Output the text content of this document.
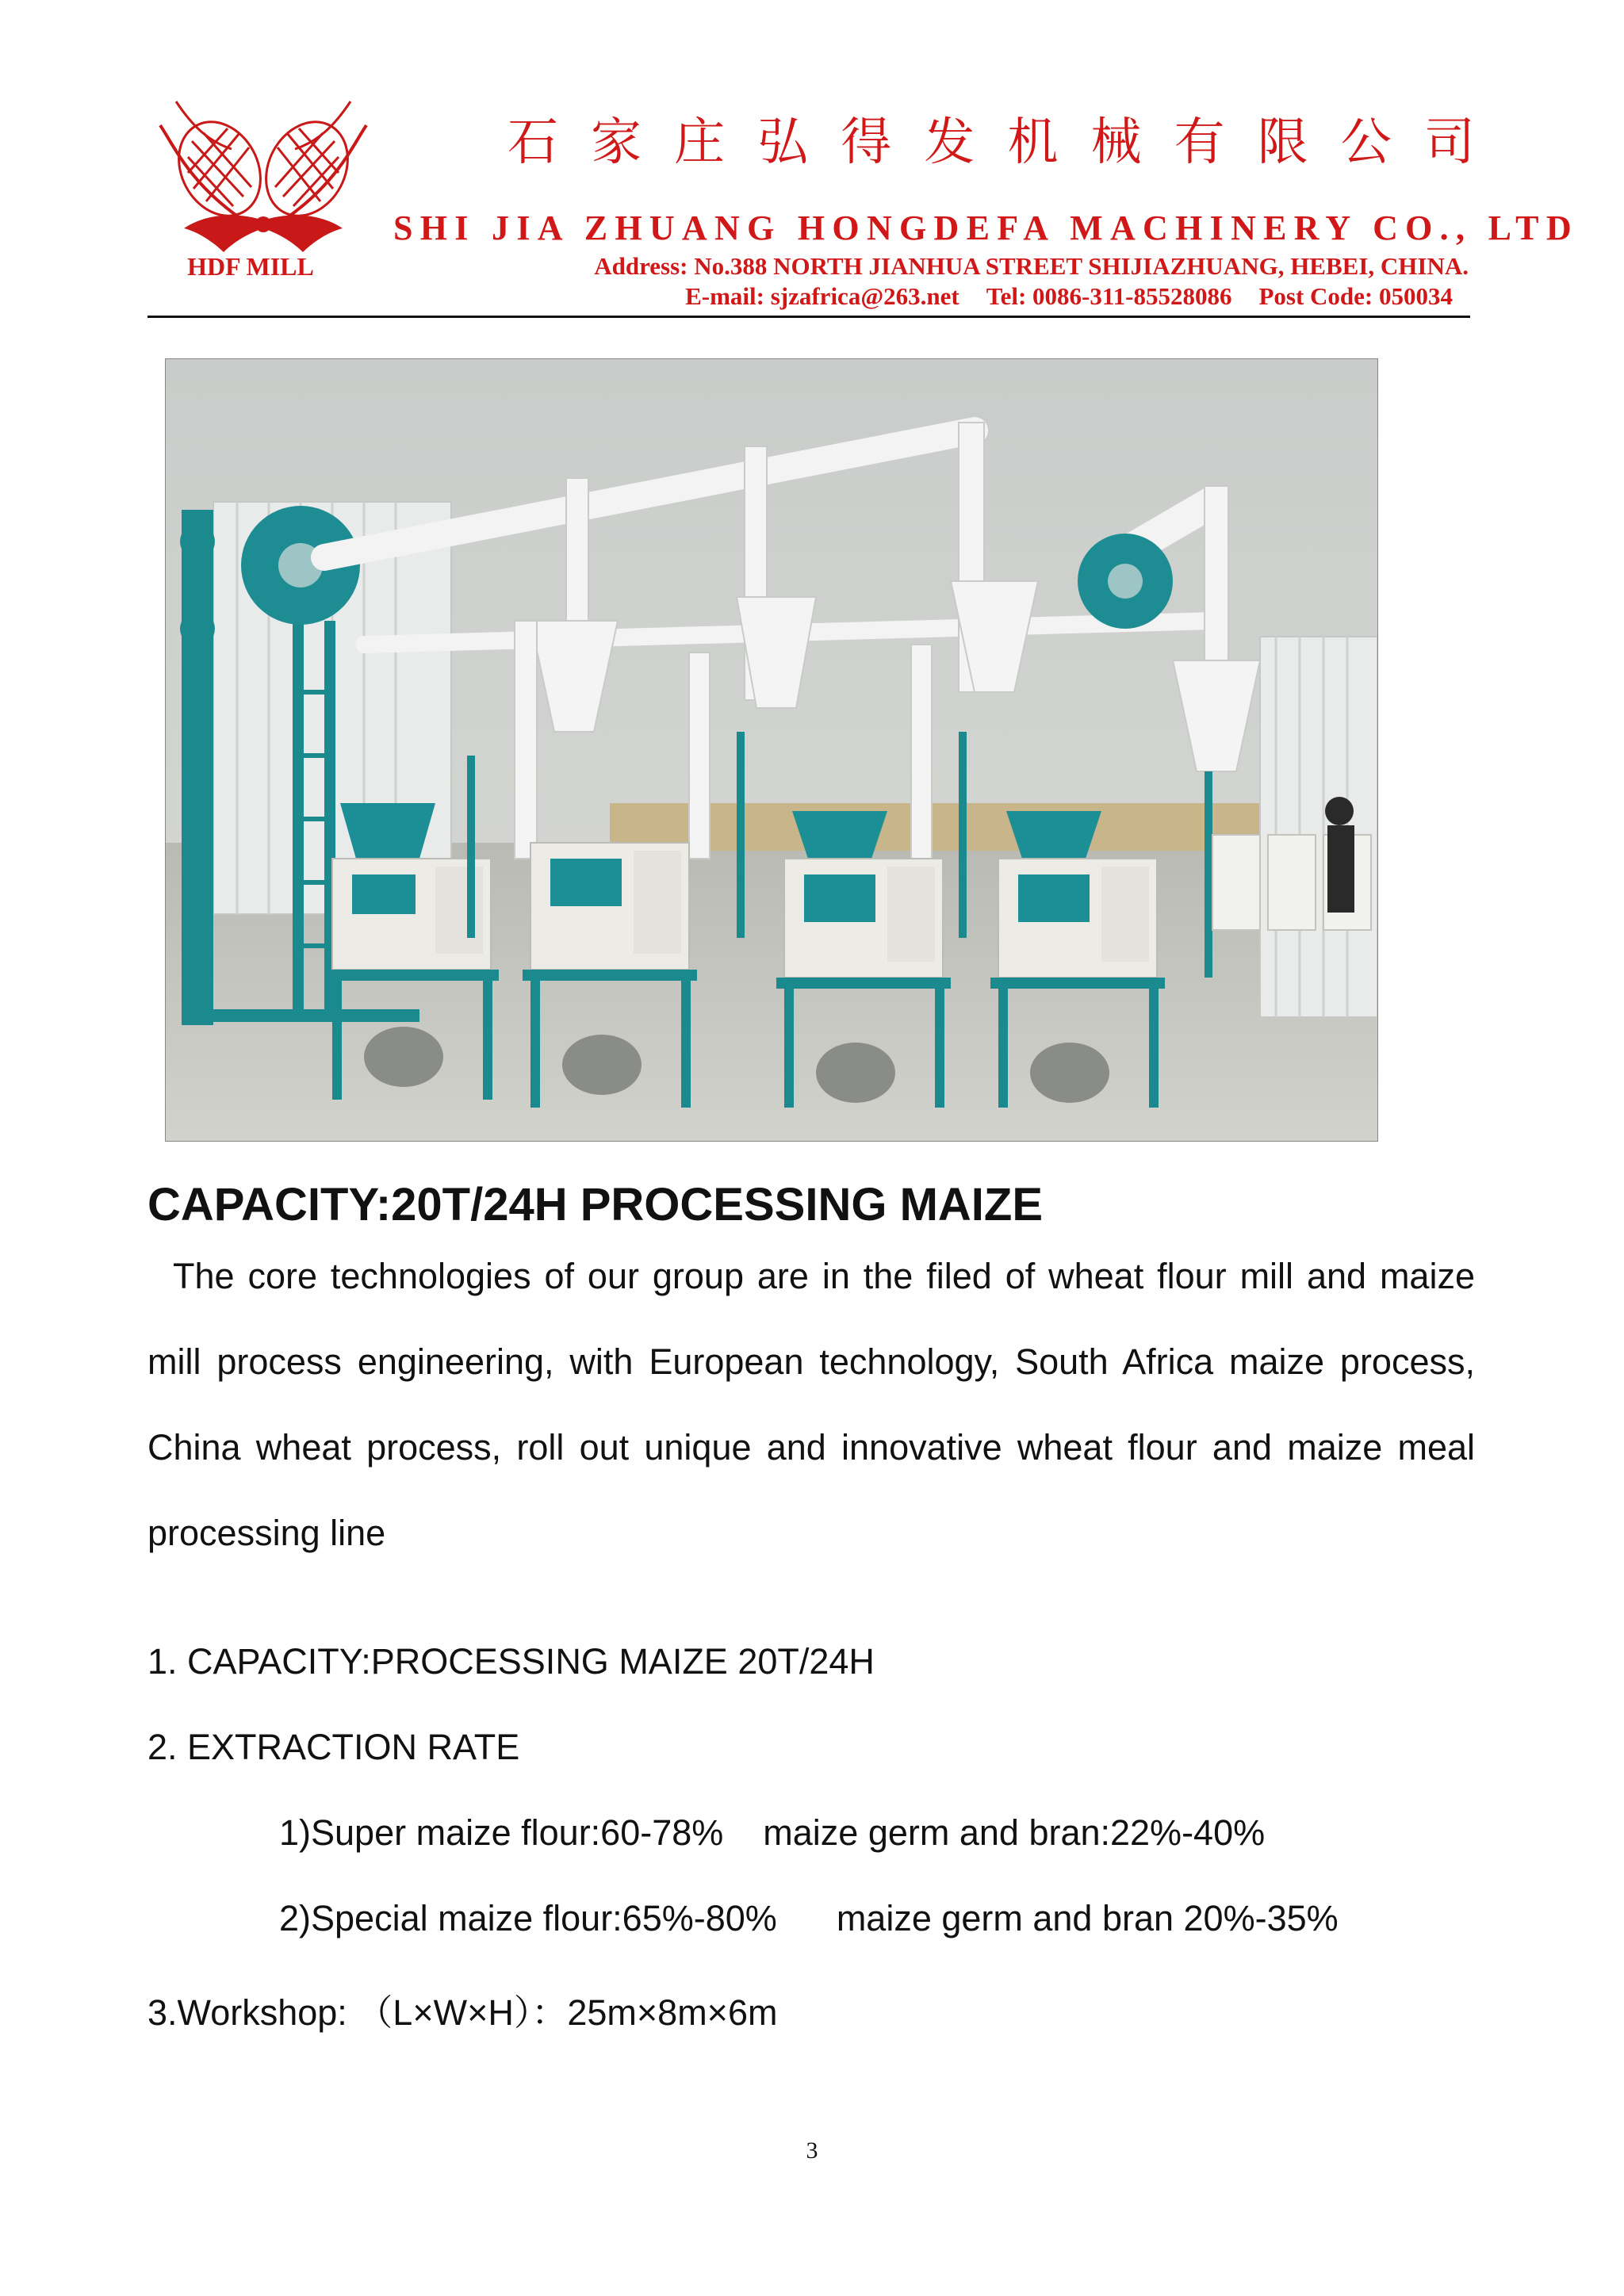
HDF MILL
石 家 庄 弘 得 发 机 械 有 限 公 司
SHI JIA ZHUANG HONGDEFA MACHINERY CO., LTD
Address: No.388 NORTH JIANHUA STREET SHIJIAZHUANG, HEBEI, CHINA.
E-mail: sjzafrica@263.net Tel: 0086-311-85528086 Post Code: 050034
CAPACITY:20T/24H PROCESSING MAIZE

The core technologies of our group are in the filed of wheat flour mill and maize mill process engineering, with European technology, South Africa maize process, China wheat process, roll out unique and innovative wheat flour and maize meal processing line

1. CAPACITY:PROCESSING MAIZE 20T/24H
2. EXTRACTION RATE
1)Super maize flour:60-78%    maize germ and bran:22%-40%
2)Special maize flour:65%-80%      maize germ and bran 20%-35%
3.Workshop: （L×W×H）：25m×8m×6m
3
